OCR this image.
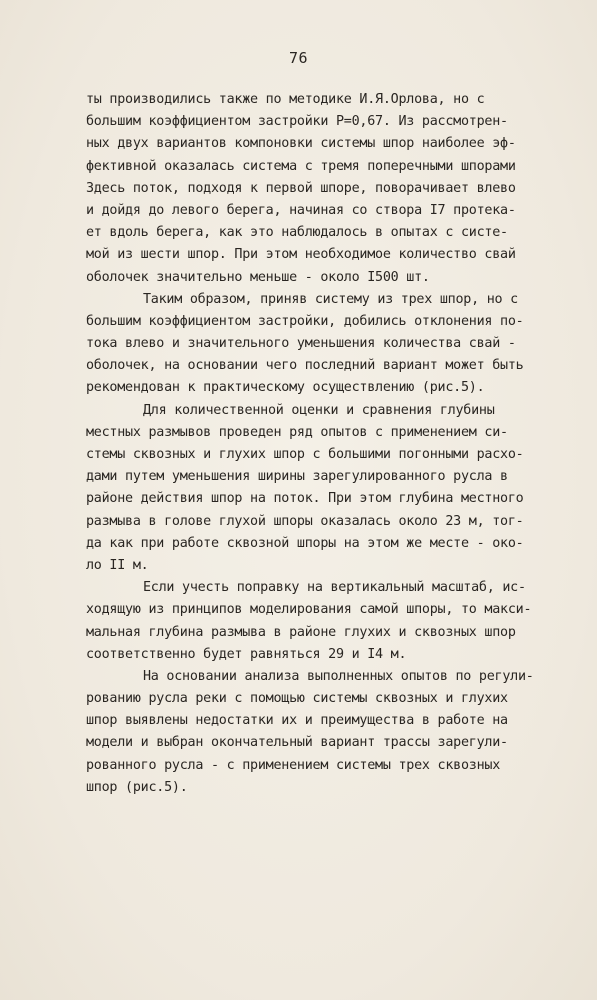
76
ты производились также по методике И.Я.Орлова, но с
большим коэффициентом застройки Р=0,67. Из рассмотрен-
ных двух вариантов компоновки системы шпор наиболее эф-
фективной оказалась система с тремя поперечными шпорами
Здесь поток, подходя к первой шпоре, поворачивает влево
и дойдя до левого берега, начиная со створа I7 протека-
ет вдоль берега, как это наблюдалось в опытах с систе-
мой из шести шпор. При этом необходимое количество свай
оболочек значительно меньше - около I500 шт.
Таким образом, приняв систему из трех шпор, но с
большим коэффициентом застройки, добились отклонения по-
тока влево и значительного уменьшения количества свай -
оболочек, на основании чего последний вариант может быть
рекомендован к практическому осуществлению (рис.5).
Для количественной оценки и сравнения глубины
местных размывов проведен ряд опытов с применением си-
стемы сквозных и глухих шпор с большими погонными расхо-
дами путем уменьшения ширины зарегулированного русла в
районе действия шпор на поток. При этом глубина местного
размыва в голове глухой шпоры оказалась около 23 м, тог-
да как при работе сквозной шпоры на этом же месте - око-
ло II м.
Если учесть поправку на вертикальный масштаб, ис-
ходящую из принципов моделирования самой шпоры, то макси-
мальная глубина размыва в районе глухих и сквозных шпор
соответственно будет равняться 29 и I4 м.
На основании анализа выполненных опытов по регули-
рованию русла реки с помощью системы сквозных и глухих
шпор выявлены недостатки их и преимущества в работе на
модели и выбран окончательный вариант трассы зарегули-
рованного русла - с применением системы трех сквозных
шпор (рис.5).
